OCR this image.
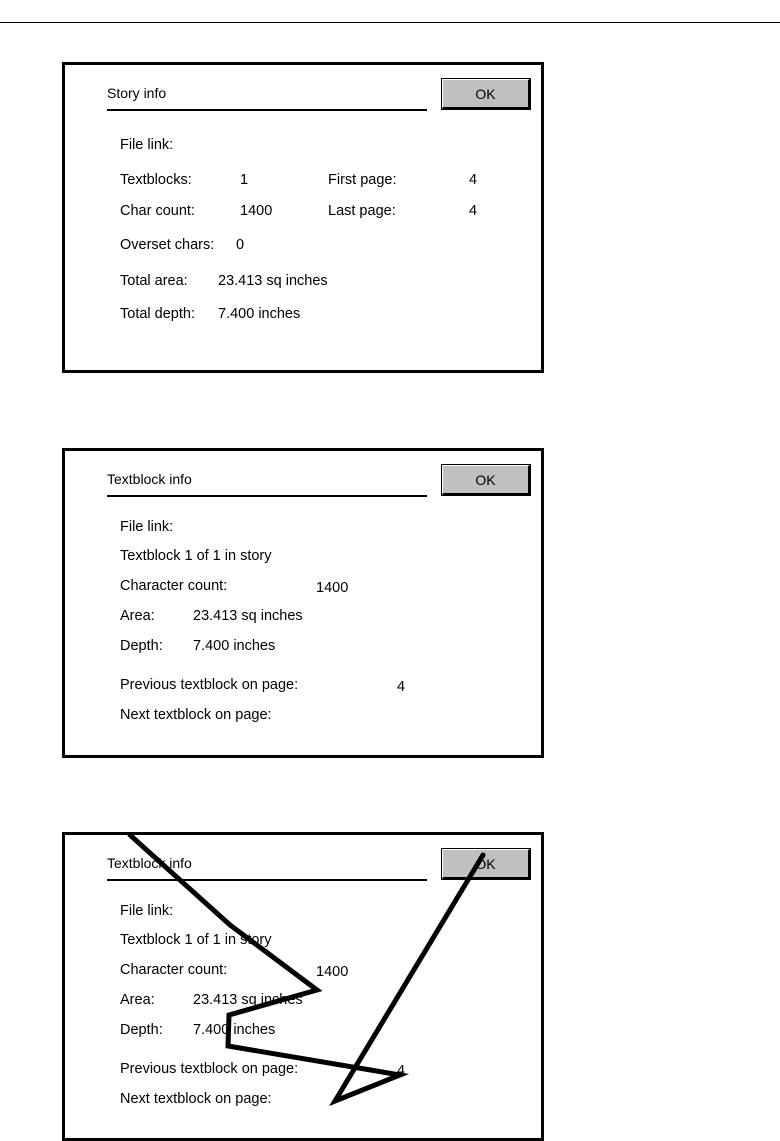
Story info	OK
File link:
Textblocks:	1	First page:	4
Char count:	1400	Last page:	4
Overset chars: 0
Total area: 23.413 sq inches
Total depth: 7.400 inches
Textblock info	OK
File link:
Textblock 1 of 1 in story
Character count:	1400
Area:	23.413 sq inches
Depth: 7.400 inches
Previous textblock on page:	4
Next textblock on page:
Textblock info	OK
File link:
Textblock 1 of 1 in story
Character count:	1400
Area:	23.413 sq inches
Depth: 7.400 inches
Previous textblock on page:	4
Next textblock on page:
